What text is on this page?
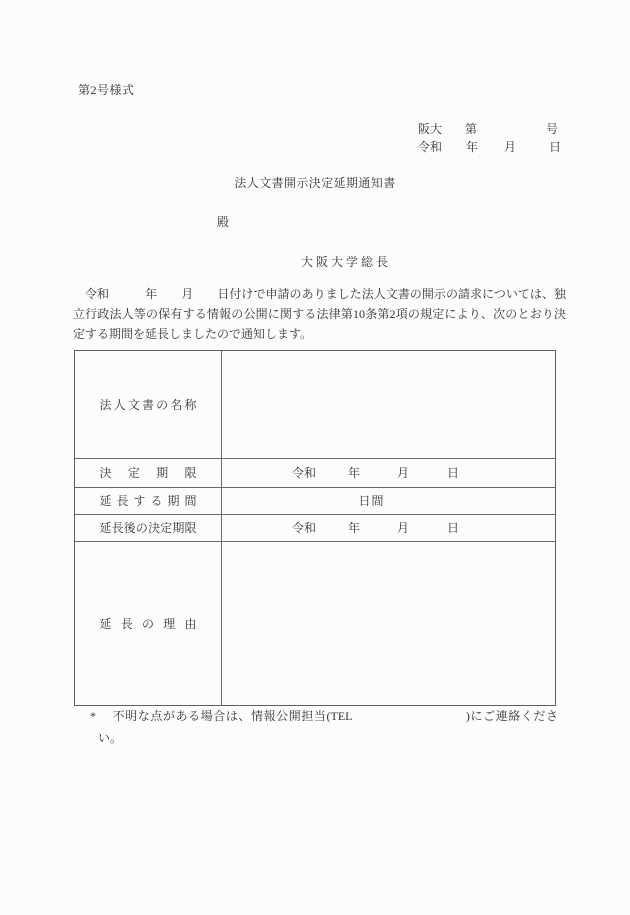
第2号様式
阪大 第	号
令和 年 月	日
法人文書開示決定延期通知書
殿
大阪大学総長
令和　　　年　　月　　日付けで申請のありました法人文書の開示の請求については、独立行政法人等の保有する情報の公開に関する法律第10条第2項の規定により、次のとおり決定する期間を延長しましたので通知します。
法人文書の名称
決定期限	令和	年	月	日
延長する期間	日間
延長後の決定期限	令和	年	月	日
延長の理由
* 不明な点がある場合は、情報公開担当(TEL　　　　　　　　　)にご連絡ください。
